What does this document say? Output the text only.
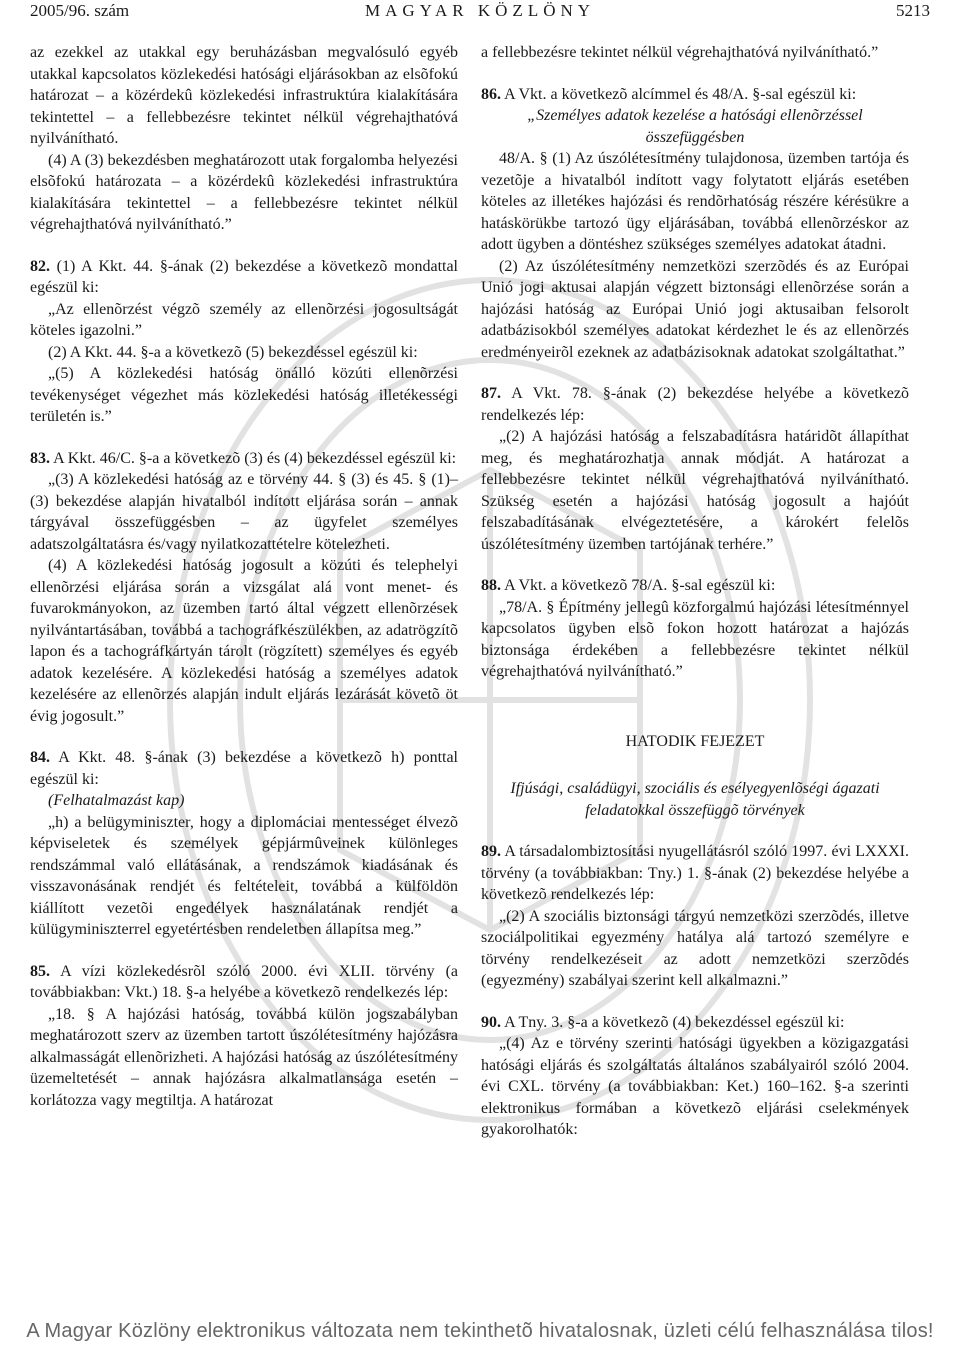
2005/96. szám	MAGYAR KÖZLÖNY	5213

az ezekkel az utakkal egy beruházásban megvalósuló egyéb utakkal kapcsolatos közlekedési hatósági eljárásokban az elsõfokú határozat – a közérdekû közlekedési infrastruktúra kialakítására tekintettel – a fellebbezésre tekintet nélkül végrehajthatóvá nyilvánítható.

(4) A (3) bekezdésben meghatározott utak forgalomba helyezési elsõfokú határozata – a közérdekû közlekedési infrastruktúra kialakítására tekintettel – a fellebbezésre tekintet nélkül végrehajthatóvá nyilvánítható.”

82. (1) A Kkt. 44. §-ának (2) bekezdése a következõ mondattal egészül ki:

„Az ellenõrzést végzõ személy az ellenõrzési jogosultságát köteles igazolni.”

(2) A Kkt. 44. §-a a következõ (5) bekezdéssel egészül ki:

„(5) A közlekedési hatóság önálló közúti ellenõrzési tevékenységet végezhet más közlekedési hatóság illetékességi területén is.”

83. A Kkt. 46/C. §-a a következõ (3) és (4) bekezdéssel egészül ki:

„(3) A közlekedési hatóság az e törvény 44. § (3) és 45. § (1)–(3) bekezdése alapján hivatalból indított eljárása során – annak tárgyával összefüggésben – az ügyfelet személyes adatszolgáltatásra és/vagy nyilatkozattételre kötelezheti.

(4) A közlekedési hatóság jogosult a közúti és telephelyi ellenõrzési eljárása során a vizsgálat alá vont menet- és fuvarokmányokon, az üzemben tartó által végzett ellenõrzések nyilvántartásában, továbbá a tachográfkészülékben, az adatrögzítõ lapon és a tachográfkártyán tárolt (rögzített) személyes és egyéb adatok kezelésére. A közlekedési hatóság a személyes adatok kezelésére az ellenõrzés alapján indult eljárás lezárását követõ öt évig jogosult.”

84. A Kkt. 48. §-ának (3) bekezdése a következõ h) ponttal egészül ki:

(Felhatalmazást kap)

„h) a belügyminiszter, hogy a diplomáciai mentességet élvezõ képviseletek és személyek gépjármûveinek különleges rendszámmal való ellátásának, a rendszámok kiadásának és visszavonásának rendjét és feltételeit, továbbá a külföldön kiállított vezetõi engedélyek használatának rendjét a külügyminiszterrel egyetértésben rendeletben állapítsa meg.”

85. A vízi közlekedésrõl szóló 2000. évi XLII. törvény (a továbbiakban: Vkt.) 18. §-a helyébe a következõ rendelkezés lép:

„18. § A hajózási hatóság, továbbá külön jogszabályban meghatározott szerv az üzemben tartott úszólétesítmény hajózásra alkalmasságát ellenõrizheti. A hajózási hatóság az úszólétesítmény üzemeltetését – annak hajózásra alkalmatlansága esetén – korlátozza vagy megtiltja. A határozat

a fellebbezésre tekintet nélkül végrehajthatóvá nyilvánítható.”

86. A Vkt. a következõ alcímmel és 48/A. §-sal egészül ki:

„Személyes adatok kezelése a hatósági ellenõrzéssel összefüggésben

48/A. § (1) Az úszólétesítmény tulajdonosa, üzemben tartója és vezetõje a hivatalból indított vagy folytatott eljárás esetében köteles az illetékes hajózási és rendõrhatóság részére kérésükre a hatáskörükbe tartozó ügy eljárásában, továbbá ellenõrzéskor az adott ügyben a döntéshez szükséges személyes adatokat átadni.

(2) Az úszólétesítmény nemzetközi szerzõdés és az Európai Unió jogi aktusai alapján végzett biztonsági ellenõrzése során a hajózási hatóság az Európai Unió jogi aktusaiban felsorolt adatbázisokból személyes adatokat kérdezhet le és az ellenõrzés eredményeirõl ezeknek az adatbázisoknak adatokat szolgáltathat.”

87. A Vkt. 78. §-ának (2) bekezdése helyébe a következõ rendelkezés lép:

„(2) A hajózási hatóság a felszabadításra határidõt állapíthat meg, és meghatározhatja annak módját. A határozat a fellebbezésre tekintet nélkül végrehajthatóvá nyilvánítható. Szükség esetén a hajózási hatóság jogosult a hajóút felszabadításának elvégeztetésére, a károkért felelõs úszólétesítmény üzemben tartójának terhére.”

88. A Vkt. a következõ 78/A. §-sal egészül ki:

„78/A. § Építmény jellegû közforgalmú hajózási létesítménnyel kapcsolatos ügyben elsõ fokon hozott határozat a hajózás biztonsága érdekében a fellebbezésre tekintet nélkül végrehajthatóvá nyilvánítható.”

HATODIK FEJEZET

Ifjúsági, családügyi, szociális és esélyegyenlõségi ágazati feladatokkal összefüggõ törvények

89. A társadalombiztosítási nyugellátásról szóló 1997. évi LXXXI. törvény (a továbbiakban: Tny.) 1. §-ának (2) bekezdése helyébe a következõ rendelkezés lép:

„(2) A szociális biztonsági tárgyú nemzetközi szerzõdés, illetve szociálpolitikai egyezmény hatálya alá tartozó személyre e törvény rendelkezéseit az adott nemzetközi szerzõdés (egyezmény) szabályai szerint kell alkalmazni.”

90. A Tny. 3. §-a a következõ (4) bekezdéssel egészül ki:

„(4) Az e törvény szerinti hatósági ügyekben a közigazgatási hatósági eljárás és szolgáltatás általános szabályairól szóló 2004. évi CXL. törvény (a továbbiakban: Ket.) 160–162. §-a szerinti elektronikus formában a következõ eljárási cselekmények gyakorolhatók:

A Magyar Közlöny elektronikus változata nem tekinthetõ hivatalosnak, üzleti célú felhasználása tilos!
